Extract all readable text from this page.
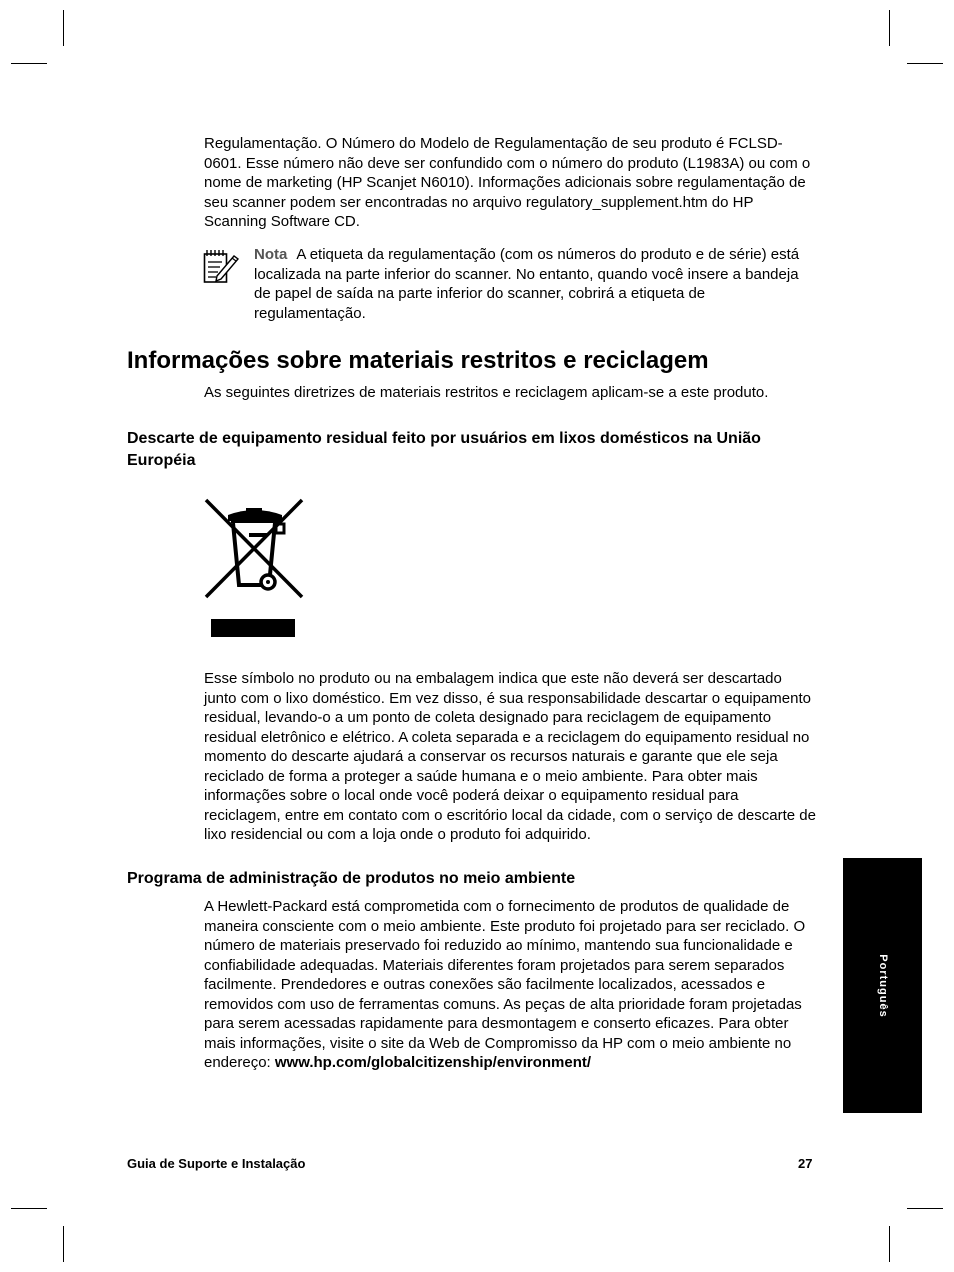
Regulamentação. O Número do Modelo de Regulamentação de seu produto é FCLSD-0601. Esse número não deve ser confundido com o número do produto (L1983A) ou com o nome de marketing (HP Scanjet N6010). Informações adicionais sobre regulamentação de seu scanner podem ser encontradas no arquivo regulatory_supplement.htm do HP Scanning Software CD.

Nota A etiqueta da regulamentação (com os números do produto e de série) está localizada na parte inferior do scanner. No entanto, quando você insere a bandeja de papel de saída na parte inferior do scanner, cobrirá a etiqueta de regulamentação.

Informações sobre materiais restritos e reciclagem

As seguintes diretrizes de materiais restritos e reciclagem aplicam-se a este produto.

Descarte de equipamento residual feito por usuários em lixos domésticos na União Européia

Esse símbolo no produto ou na embalagem indica que este não deverá ser descartado junto com o lixo doméstico. Em vez disso, é sua responsabilidade descartar o equipamento residual, levando-o a um ponto de coleta designado para reciclagem de equipamento residual eletrônico e elétrico. A coleta separada e a reciclagem do equipamento residual no momento do descarte ajudará a conservar os recursos naturais e garante que ele seja reciclado de forma a proteger a saúde humana e o meio ambiente. Para obter mais informações sobre o local onde você poderá deixar o equipamento residual para reciclagem, entre em contato com o escritório local da cidade, com o serviço de descarte de lixo residencial ou com a loja onde o produto foi adquirido.

Programa de administração de produtos no meio ambiente

A Hewlett-Packard está comprometida com o fornecimento de produtos de qualidade de maneira consciente com o meio ambiente. Este produto foi projetado para ser reciclado. O número de materiais preservado foi reduzido ao mínimo, mantendo sua funcionalidade e confiabilidade adequadas. Materiais diferentes foram projetados para serem separados facilmente. Prendedores e outras conexões são facilmente localizados, acessados e removidos com uso de ferramentas comuns. As peças de alta prioridade foram projetadas para serem acessadas rapidamente para desmontagem e conserto eficazes. Para obter mais informações, visite o site da Web de Compromisso da HP com o meio ambiente no endereço: www.hp.com/globalcitizenship/environment/

Português

Guia de Suporte e Instalação	27
